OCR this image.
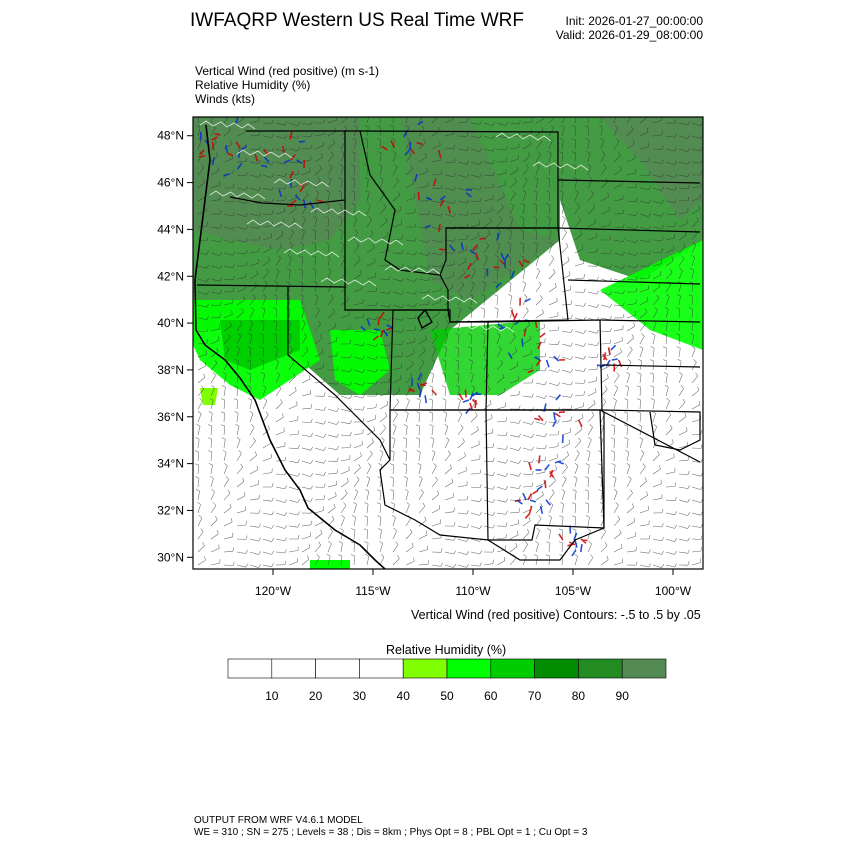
IWFAQRP Western US Real Time WRF	Init: 2026-01-27_00:00:00
Valid: 2026-01-29_08:00:00
Vertical Wind (red positive) (m s-1)
Relative Humidity (%)
Winds (kts)
48°N
46°N
44°N
42°N
40°N
38°N
36°N
34°N
32°N
30°N
120°W	115°W	110°W	105°W	100°W
10	20	30	40	50	60	70	80	90
Vertical Wind (red positive) Contours: -.5 to .5 by .05
Relative Humidity (%)
OUTPUT FROM WRF V4.6.1 MODEL
WE = 310 ; SN = 275 ; Levels = 38 ; Dis = 8km ; Phys Opt = 8 ; PBL Opt = 1 ; Cu Opt = 3
